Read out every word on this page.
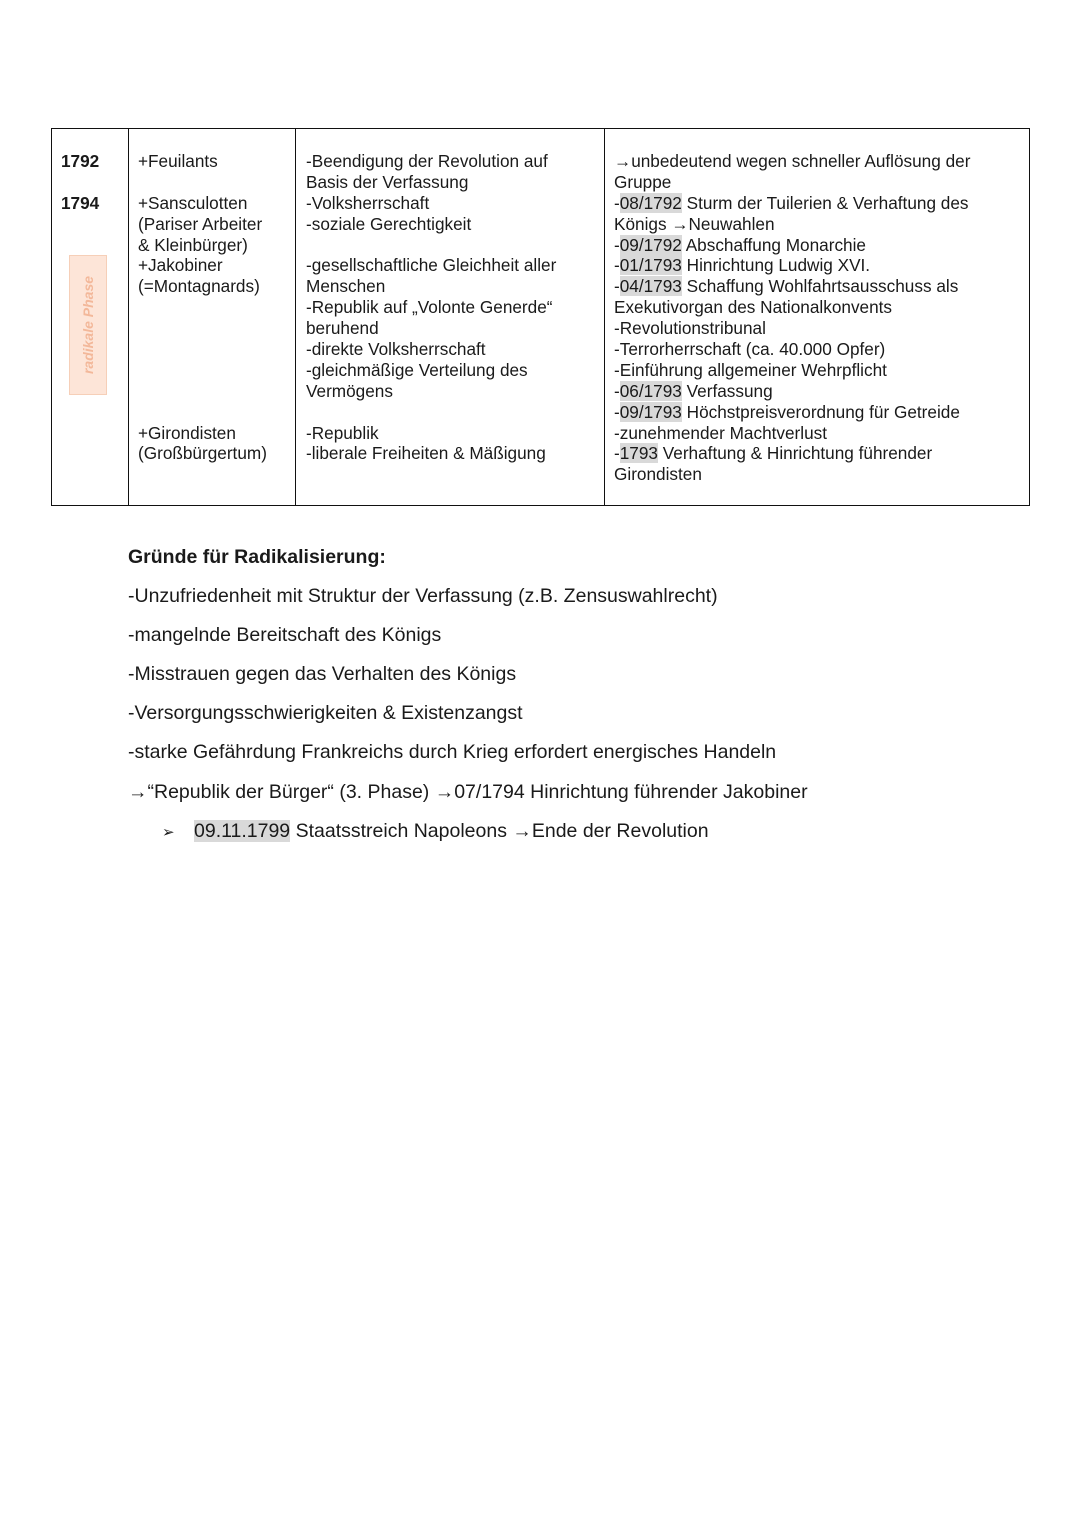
1792
1794
radikale Phase
+Feuilants
+Sansculotten
(Pariser Arbeiter
& Kleinbürger)
+Jakobiner
(=Montagnards)
+Girondisten
(Großbürgertum)
-Beendigung der Revolution auf
Basis der Verfassung
-Volksherrschaft
-soziale Gerechtigkeit
-gesellschaftliche Gleichheit aller
Menschen
-Republik auf „Volonte Generde“
beruhend
-direkte Volksherrschaft
-gleichmäßige Verteilung des
Vermögens
-Republik
-liberale Freiheiten & Mäßigung
→unbedeutend wegen schneller Auflösung der
Gruppe
-08/1792 Sturm der Tuilerien & Verhaftung des
Königs →Neuwahlen
-09/1792 Abschaffung Monarchie
-01/1793 Hinrichtung Ludwig XVI.
-04/1793 Schaffung Wohlfahrtsausschuss als
Exekutivorgan des Nationalkonvents
-Revolutionstribunal
-Terrorherrschaft (ca. 40.000 Opfer)
-Einführung allgemeiner Wehrpflicht
-06/1793 Verfassung
-09/1793 Höchstpreisverordnung für Getreide
-zunehmender Machtverlust
-1793 Verhaftung & Hinrichtung führender
Girondisten
Gründe für Radikalisierung:
-Unzufriedenheit mit Struktur der Verfassung (z.B. Zensuswahlrecht)
-mangelnde Bereitschaft des Königs
-Misstrauen gegen das Verhalten des Königs
-Versorgungsschwierigkeiten & Existenzangst
-starke Gefährdung Frankreichs durch Krieg erfordert energisches Handeln
→“Republik der Bürger“ (3. Phase) →07/1794 Hinrichtung führender Jakobiner
➢ 09.11.1799 Staatsstreich Napoleons →Ende der Revolution
